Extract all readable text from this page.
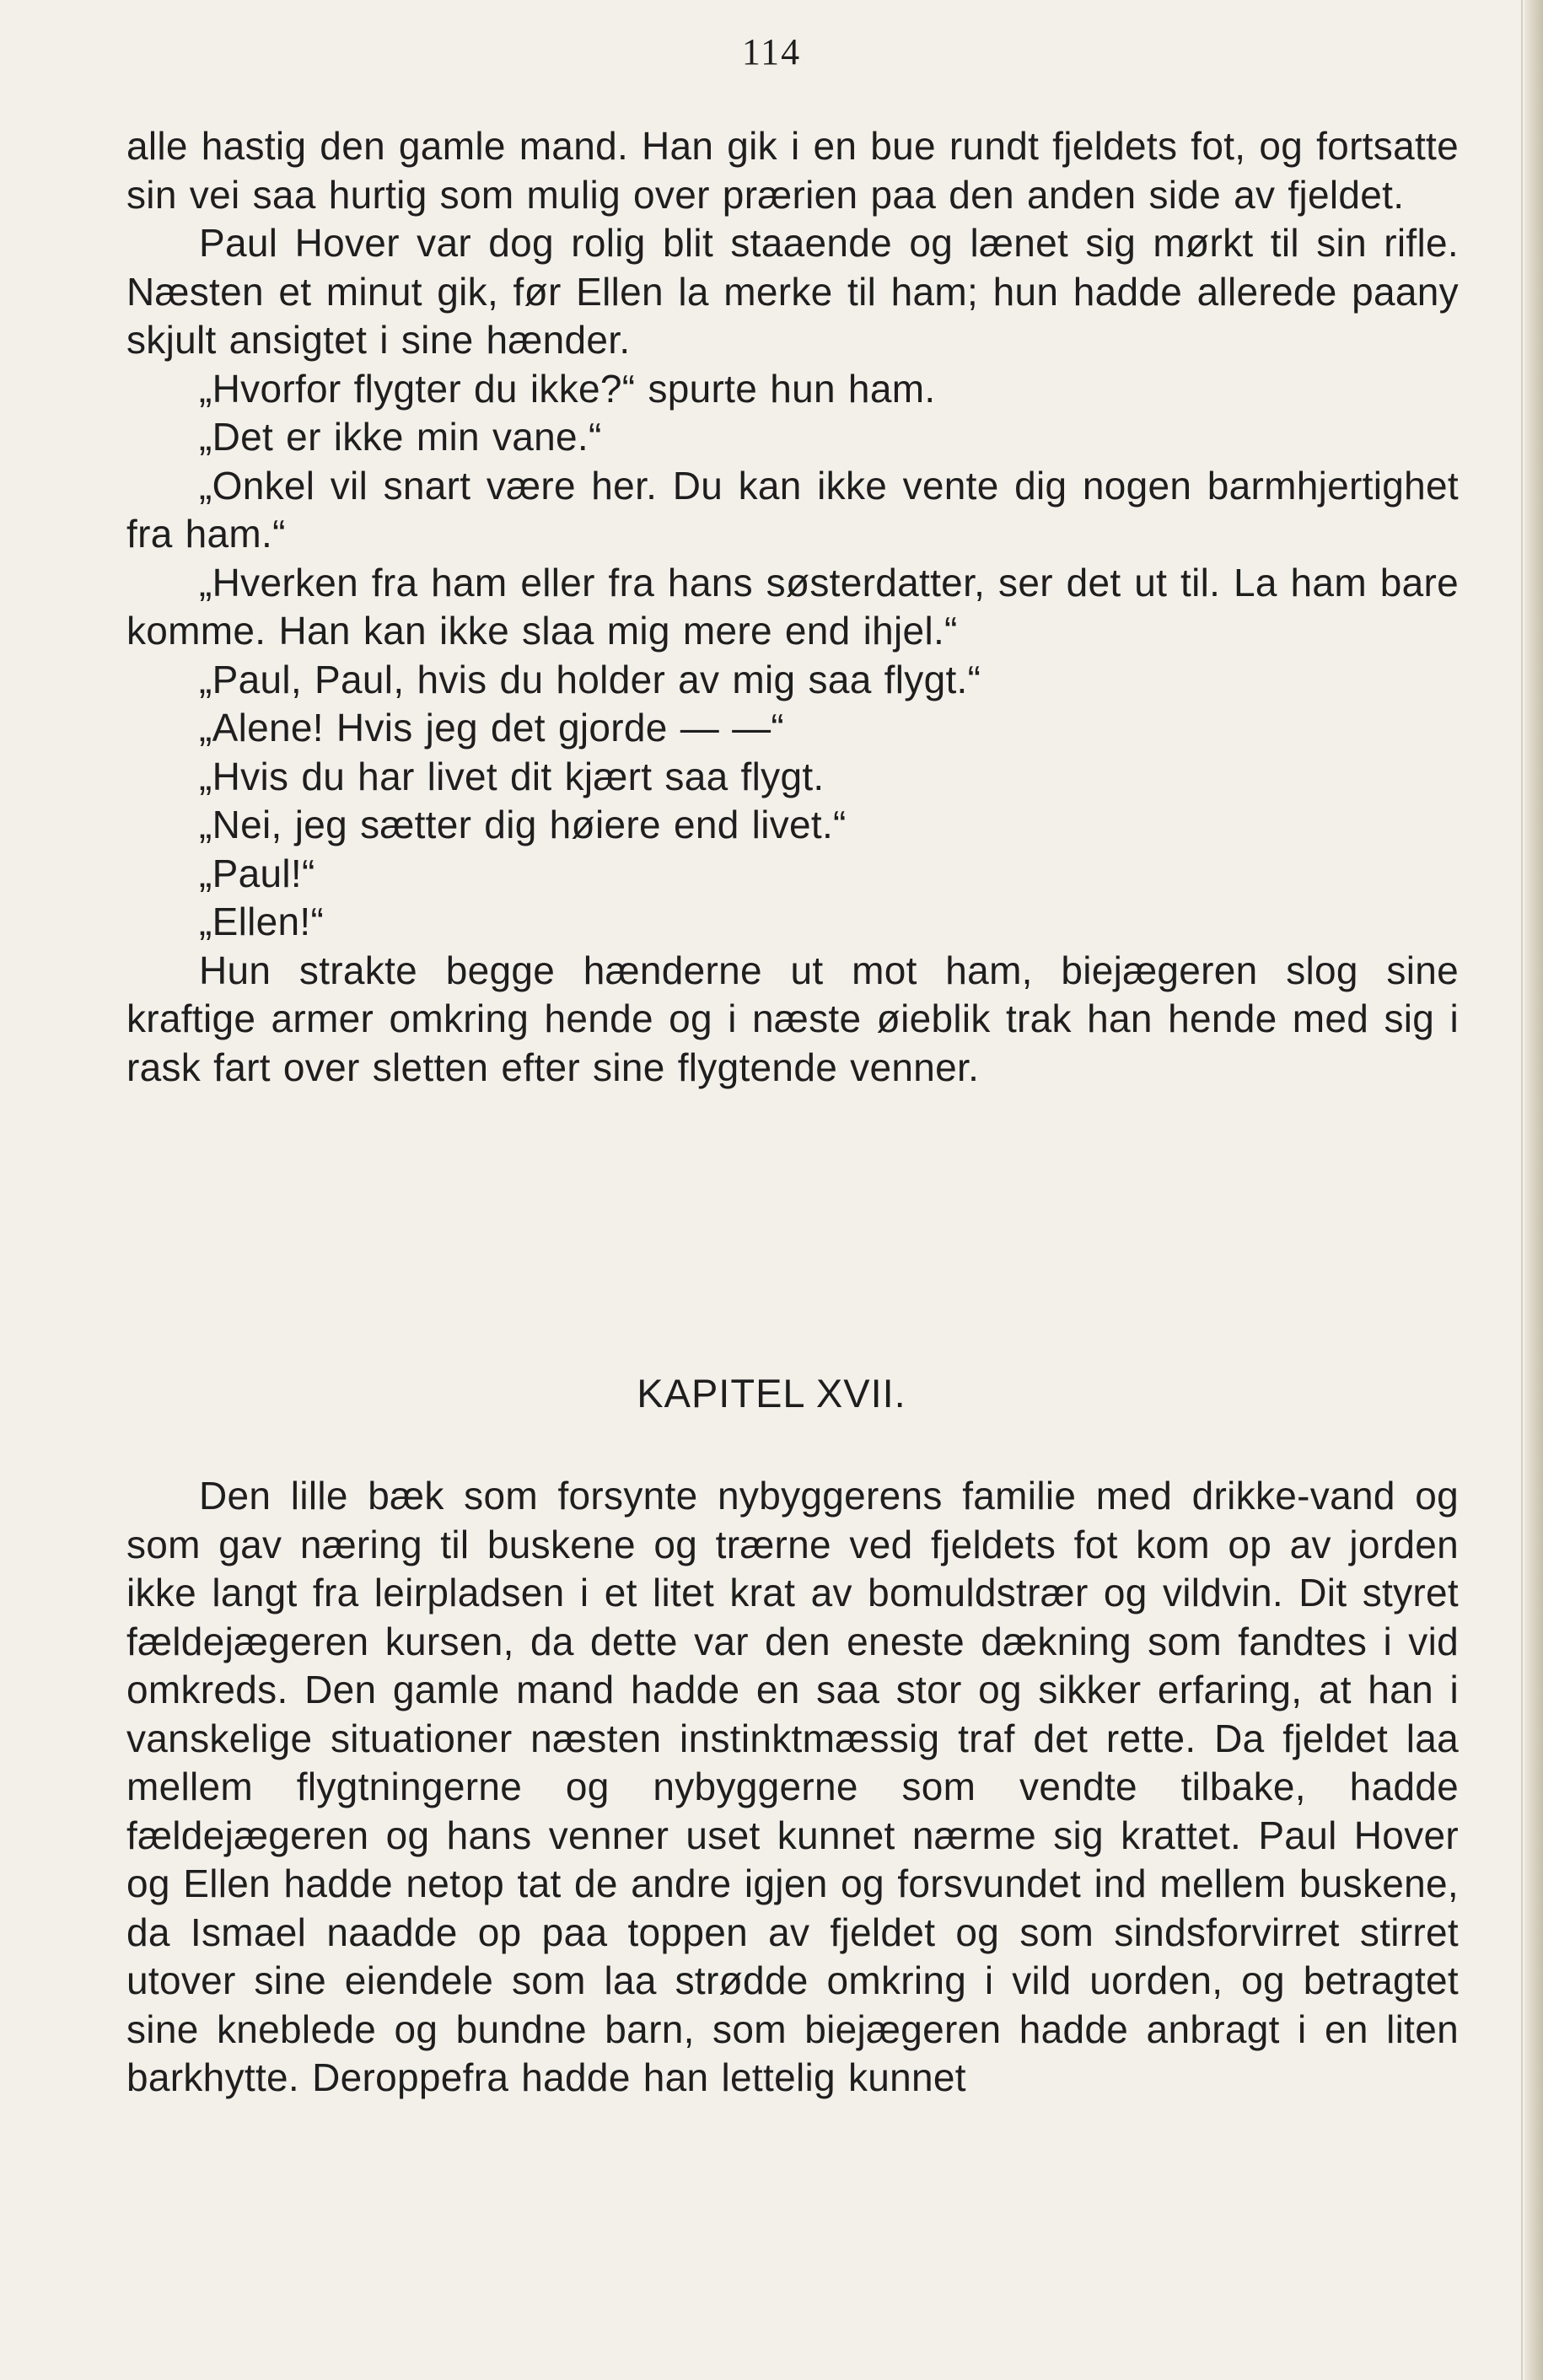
114

alle hastig den gamle mand. Han gik i en bue rundt fjeldets fot, og fortsatte sin vei saa hurtig som mulig over prærien paa den anden side av fjeldet.

Paul Hover var dog rolig blit staaende og lænet sig mørkt til sin rifle. Næsten et minut gik, før Ellen la merke til ham; hun hadde allerede paany skjult ansigtet i sine hænder.

„Hvorfor flygter du ikke?“ spurte hun ham.

„Det er ikke min vane.“

„Onkel vil snart være her. Du kan ikke vente dig nogen barmhjertighet fra ham.“

„Hverken fra ham eller fra hans søsterdatter, ser det ut til. La ham bare komme. Han kan ikke slaa mig mere end ihjel.“

„Paul, Paul, hvis du holder av mig saa flygt.“

„Alene! Hvis jeg det gjorde — —“

„Hvis du har livet dit kjært saa flygt.

„Nei, jeg sætter dig høiere end livet.“

„Paul!“

„Ellen!“

Hun strakte begge hænderne ut mot ham, biejægeren slog sine kraftige armer omkring hende og i næste øieblik trak han hende med sig i rask fart over sletten efter sine flygtende venner.

KAPITEL XVII.

Den lille bæk som forsynte nybyggerens familie med drikke-vand og som gav næring til buskene og trærne ved fjeldets fot kom op av jorden ikke langt fra leirpladsen i et litet krat av bomuldstrær og vildvin. Dit styret fældejægeren kursen, da dette var den eneste dækning som fandtes i vid omkreds. Den gamle mand hadde en saa stor og sikker erfaring, at han i vanskelige situationer næsten instinktmæssig traf det rette. Da fjeldet laa mellem flygtningerne og nybyggerne som vendte tilbake, hadde fældejægeren og hans venner uset kunnet nærme sig krattet. Paul Hover og Ellen hadde netop tat de andre igjen og forsvundet ind mellem buskene, da Ismael naadde op paa toppen av fjeldet og som sindsforvirret stirret utover sine eiendele som laa strødde omkring i vild uorden, og betragtet sine kneblede og bundne barn, som biejægeren hadde anbragt i en liten barkhytte. Deroppefra hadde han lettelig kunnet
